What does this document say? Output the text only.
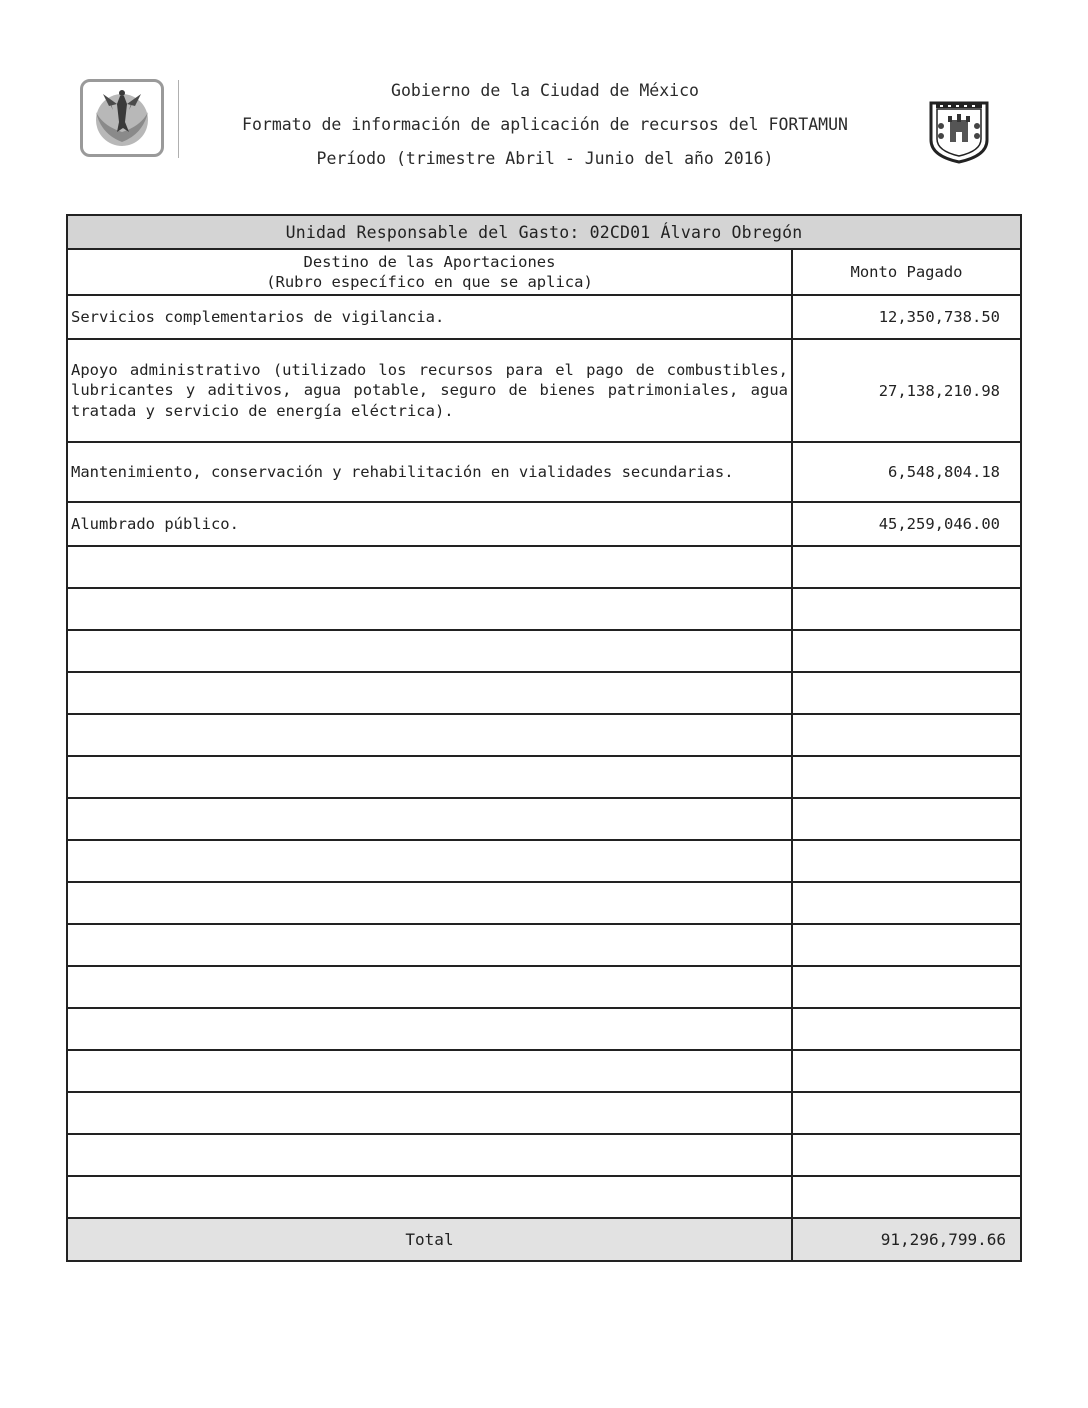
Gobierno de la Ciudad de México
Formato de información de aplicación de recursos del FORTAMUN
Período (trimestre Abril - Junio del año 2016)
Unidad Responsable del Gasto: 02CD01 Álvaro Obregón	

Destino de las Aportaciones
(Rubro específico en que se aplica)	Monto Pagado
Servicios complementarios de vigilancia.	12,350,738.50
Apoyo administrativo (utilizado los recursos para el pago de combustibles, lubricantes y aditivos, agua potable, seguro de bienes patrimoniales, agua tratada y servicio de energía eléctrica).	27,138,210.98
Mantenimiento, conservación y rehabilitación en vialidades secundarias.	6,548,804.18
Alumbrado público.	45,259,046.00

Total	91,296,799.66
